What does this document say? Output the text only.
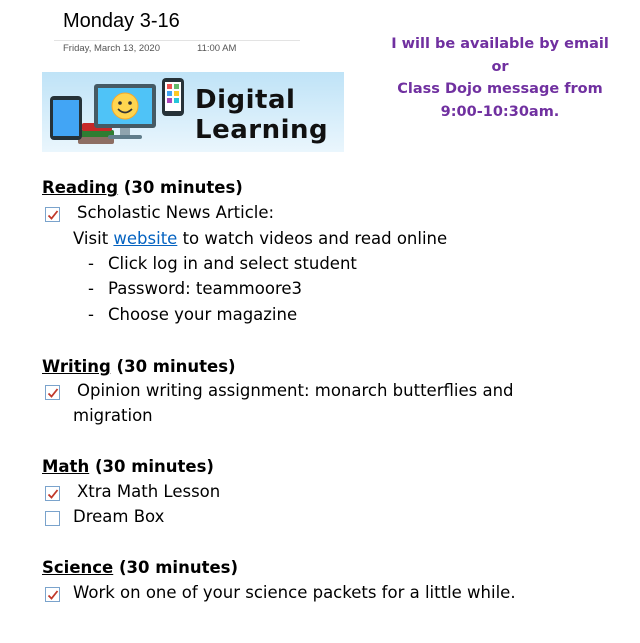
Monday 3-16
Friday, March 13, 2020	11:00 AM
Digital
Learning
I will be available by email or
Class Dojo message from
9:00-10:30am.
Reading (30 minutes)
Scholastic News Article:
Visit website to watch videos and read online
- Click log in and select student
- Password: teammoore3
- Choose your magazine
Writing (30 minutes)
Opinion writing assignment: monarch butterflies and
migration
Math (30 minutes)
Xtra Math Lesson
Dream Box
Science (30 minutes)
Work on one of your science packets for a little while.
